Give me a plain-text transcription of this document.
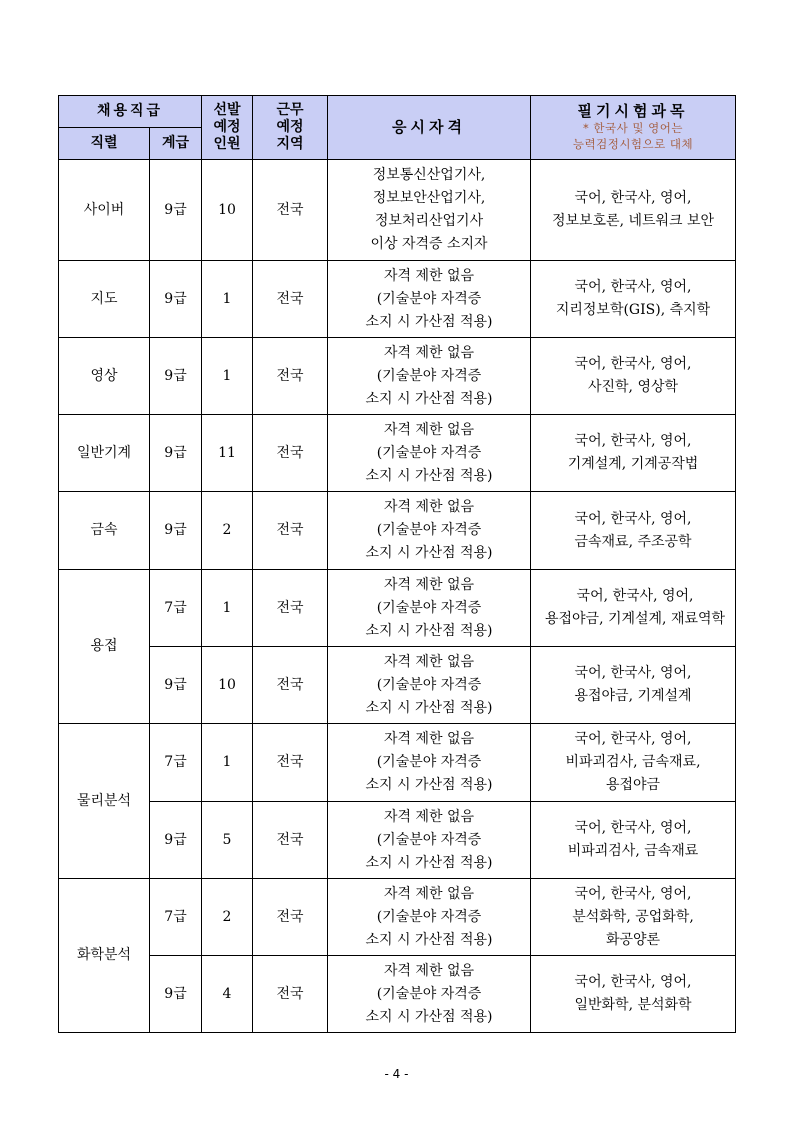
채용직급		선발
예정
인원	근무
예정
지역	응시자격	필기시험과목
* 한국사 및 영어는
능력검정시험으로 대체

직렬	계급				
사이버	9급	10	전국	정보통신산업기사,
정보보안산업기사,
정보처리산업기사
이상 자격증 소지자	국어, 한국사, 영어,
정보보호론, 네트워크 보안

지도	9급	1	전국	자격 제한 없음
(기술분야 자격증
소지 시 가산점 적용)	국어, 한국사, 영어,
지리정보학(GIS), 측지학

영상	9급	1	전국	자격 제한 없음
(기술분야 자격증
소지 시 가산점 적용)	국어, 한국사, 영어,
사진학, 영상학

일반기계	9급	11	전국	자격 제한 없음
(기술분야 자격증
소지 시 가산점 적용)	국어, 한국사, 영어,
기계설계, 기계공작법

금속	9급	2	전국	자격 제한 없음
(기술분야 자격증
소지 시 가산점 적용)	국어, 한국사, 영어,
금속재료, 주조공학

용접	7급	1	전국	자격 제한 없음
(기술분야 자격증
소지 시 가산점 적용)	국어, 한국사, 영어,
용접야금, 기계설계, 재료역학

	9급	10	전국	자격 제한 없음
(기술분야 자격증
소지 시 가산점 적용)	국어, 한국사, 영어,
용접야금, 기계설계

물리분석	7급	1	전국	자격 제한 없음
(기술분야 자격증
소지 시 가산점 적용)	국어, 한국사, 영어,
비파괴검사, 금속재료,
용접야금

	9급	5	전국	자격 제한 없음
(기술분야 자격증
소지 시 가산점 적용)	국어, 한국사, 영어,
비파괴검사, 금속재료

화학분석	7급	2	전국	자격 제한 없음
(기술분야 자격증
소지 시 가산점 적용)	국어, 한국사, 영어,
분석화학, 공업화학,
화공양론

	9급	4	전국	자격 제한 없음
(기술분야 자격증
소지 시 가산점 적용)	국어, 한국사, 영어,
일반화학, 분석화학
- 4 -
